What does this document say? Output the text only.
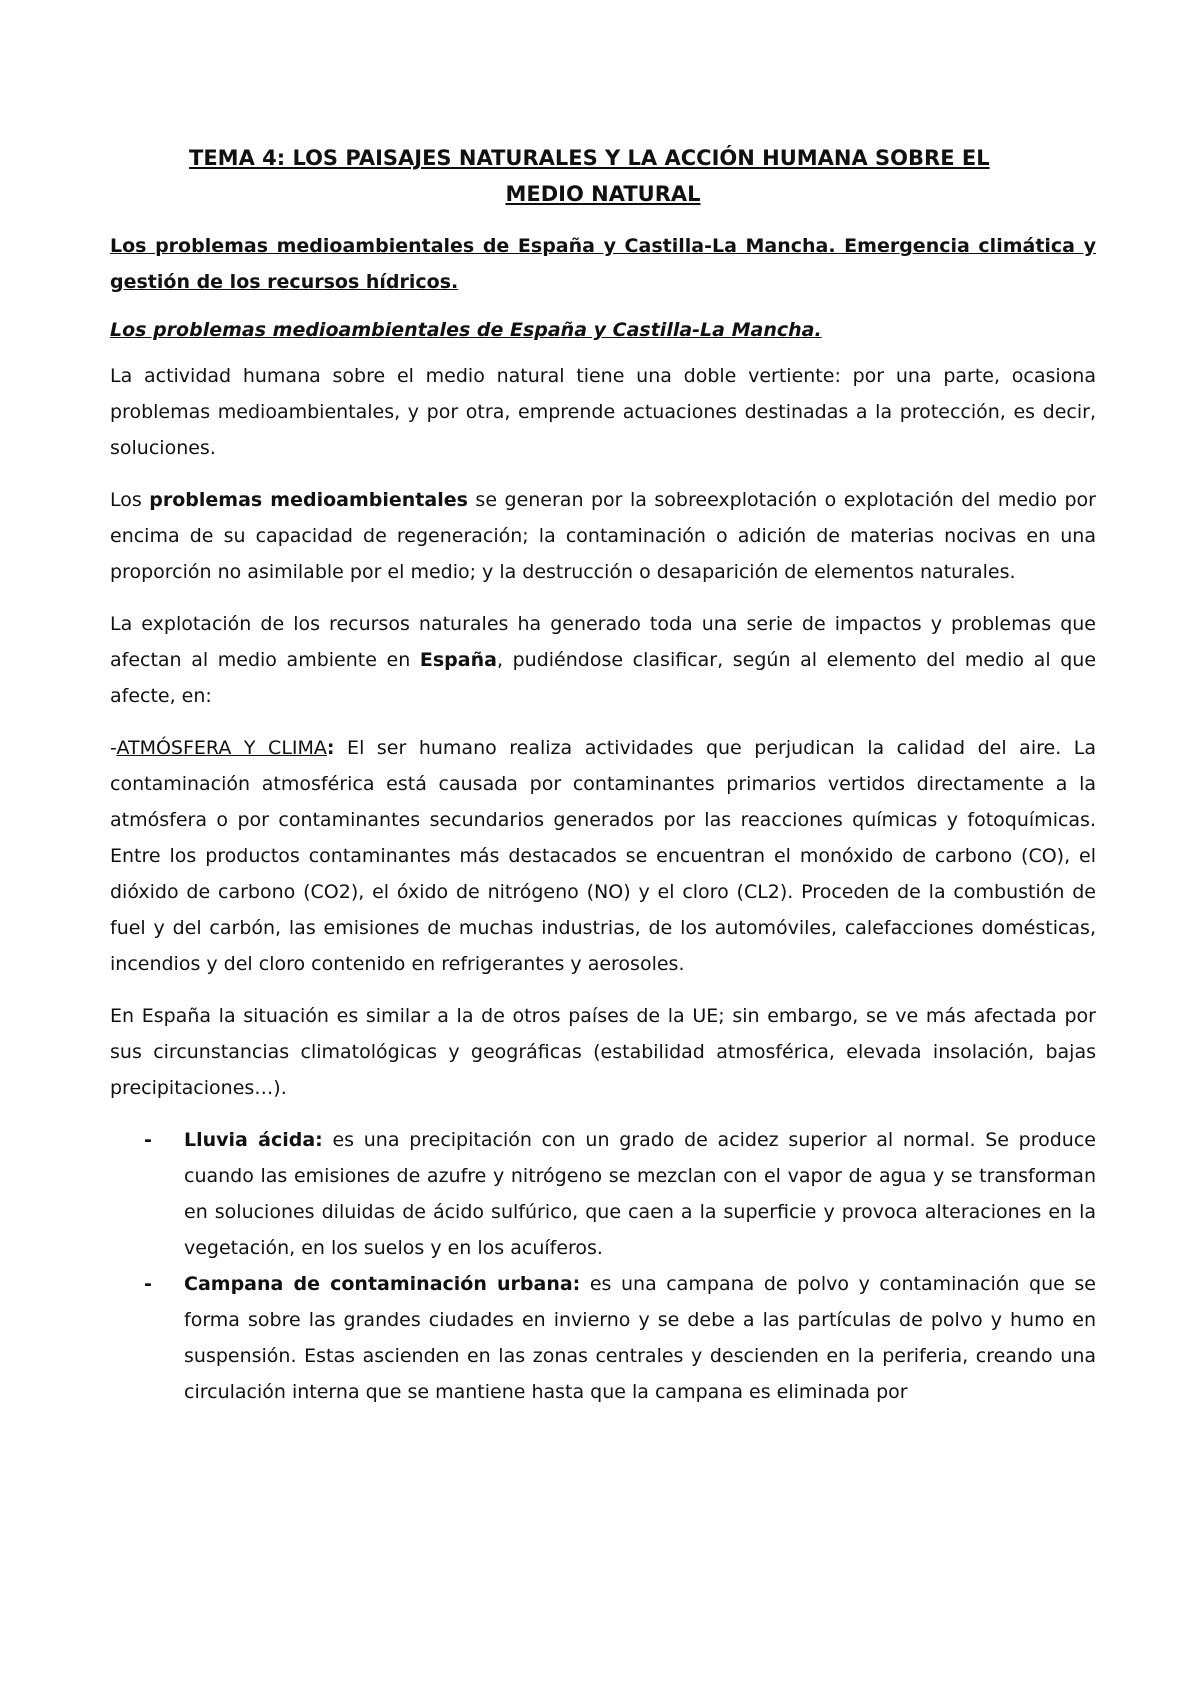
TEMA 4: LOS PAISAJES NATURALES Y LA ACCIÓN HUMANA SOBRE EL
MEDIO NATURAL
Los problemas medioambientales de España y Castilla-La Mancha. Emergencia climática y gestión de los recursos hídricos.
Los problemas medioambientales de España y Castilla-La Mancha.

La actividad humana sobre el medio natural tiene una doble vertiente: por una parte, ocasiona problemas medioambientales, y por otra, emprende actuaciones destinadas a la protección, es decir, soluciones.

Los problemas medioambientales se generan por la sobreexplotación o explotación del medio por encima de su capacidad de regeneración; la contaminación o adición de materias nocivas en una proporción no asimilable por el medio; y la destrucción o desaparición de elementos naturales.

La explotación de los recursos naturales ha generado toda una serie de impactos y problemas que afectan al medio ambiente en España, pudiéndose clasificar, según al elemento del medio al que afecte, en:

-ATMÓSFERA Y CLIMA: El ser humano realiza actividades que perjudican la calidad del aire. La contaminación atmosférica está causada por contaminantes primarios vertidos directamente a la atmósfera o por contaminantes secundarios generados por las reacciones químicas y fotoquímicas. Entre los productos contaminantes más destacados se encuentran el monóxido de carbono (CO), el dióxido de carbono (CO2), el óxido de nitrógeno (NO) y el cloro (CL2). Proceden de la combustión de fuel y del carbón, las emisiones de muchas industrias, de los automóviles, calefacciones domésticas, incendios y del cloro contenido en refrigerantes y aerosoles.

En España la situación es similar a la de otros países de la UE; sin embargo, se ve más afectada por sus circunstancias climatológicas y geográficas (estabilidad atmosférica, elevada insolación, bajas precipitaciones…).

- Lluvia ácida: es una precipitación con un grado de acidez superior al normal. Se produce cuando las emisiones de azufre y nitrógeno se mezclan con el vapor de agua y se transforman en soluciones diluidas de ácido sulfúrico, que caen a la superficie y provoca alteraciones en la vegetación, en los suelos y en los acuíferos.
- Campana de contaminación urbana: es una campana de polvo y contaminación que se forma sobre las grandes ciudades en invierno y se debe a las partículas de polvo y humo en suspensión. Estas ascienden en las zonas centrales y descienden en la periferia, creando una circulación interna que se mantiene hasta que la campana es eliminada por
